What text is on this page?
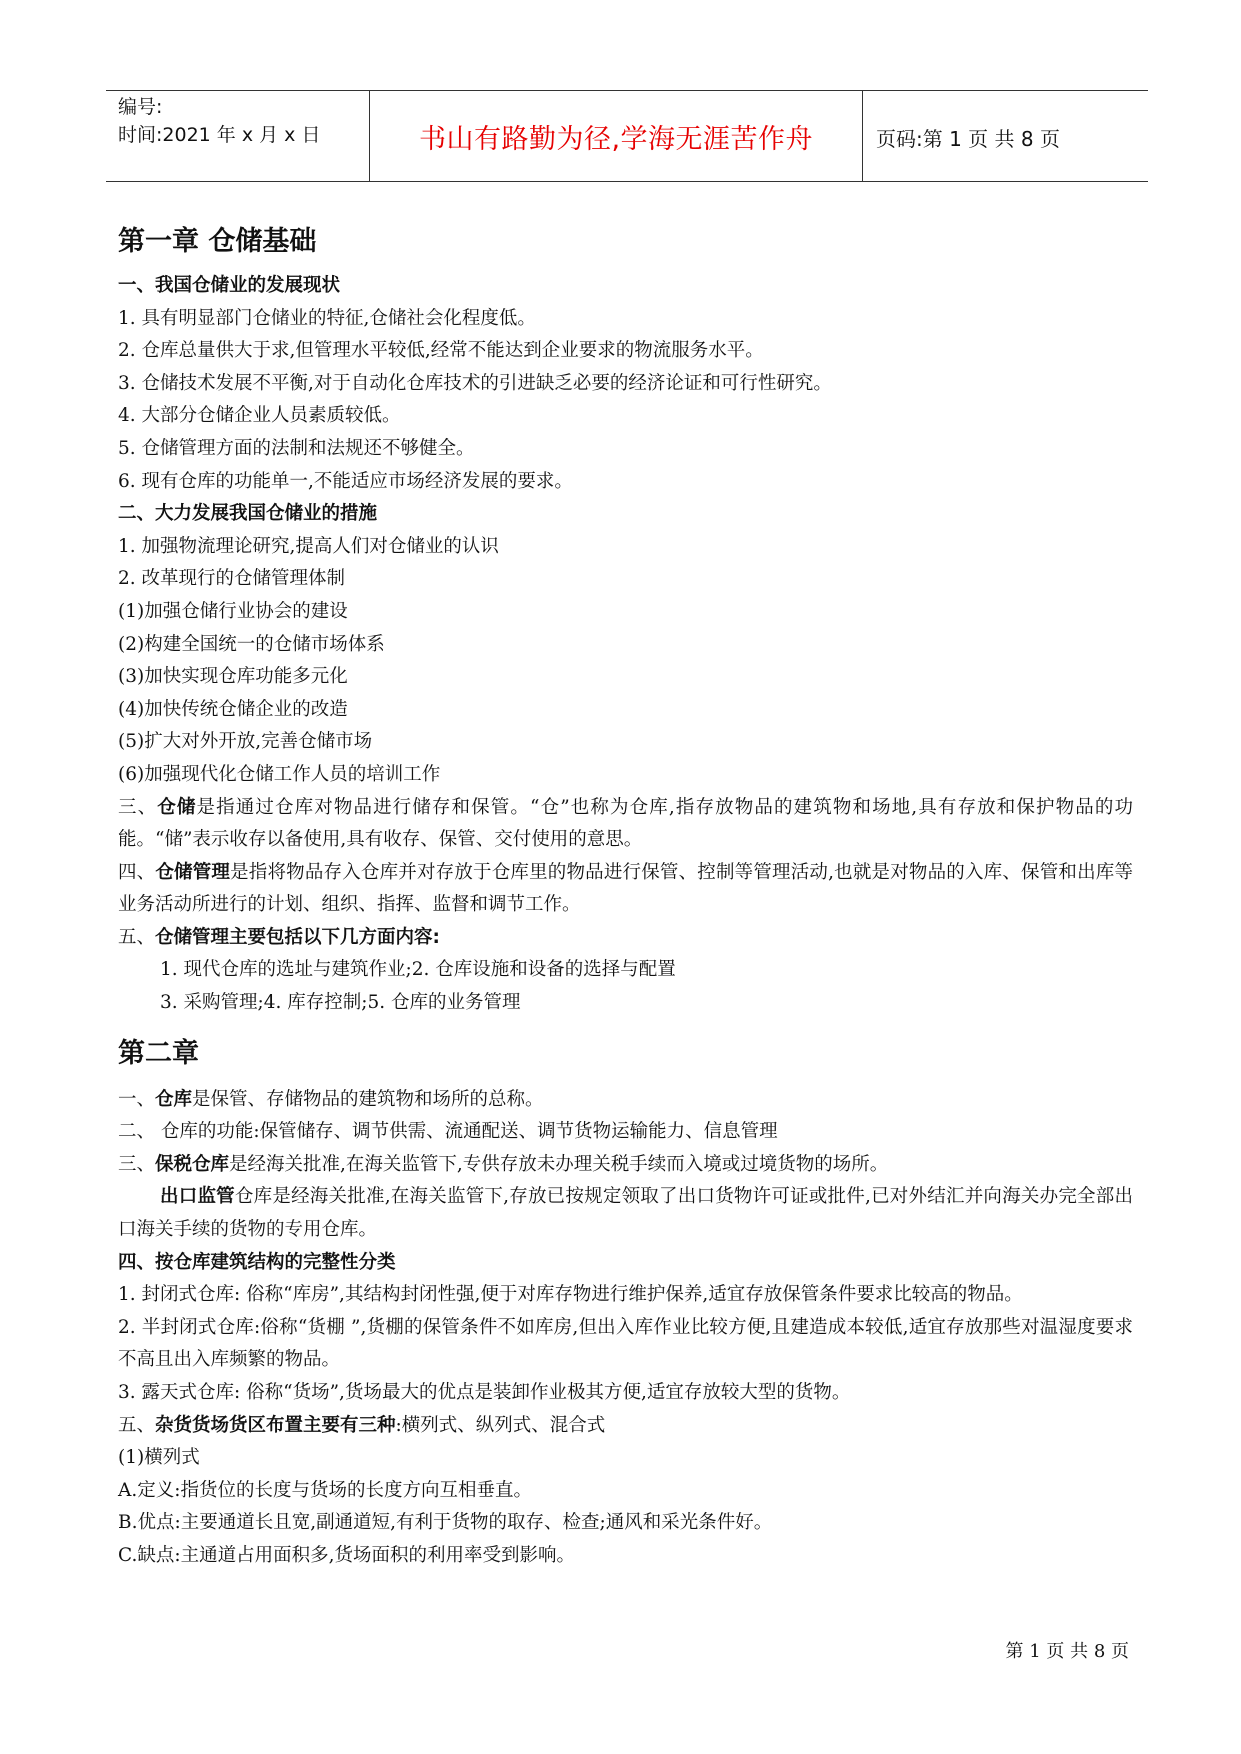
编号:
时间:2021 年 x 月 x 日	书山有路勤为径,学海无涯苦作舟	页码:第 1 页 共 8 页
第一章 仓储基础
一、我国仓储业的发展现状
1. 具有明显部门仓储业的特征,仓储社会化程度低。
2. 仓库总量供大于求,但管理水平较低,经常不能达到企业要求的物流服务水平。
3. 仓储技术发展不平衡,对于自动化仓库技术的引进缺乏必要的经济论证和可行性研究。
4. 大部分仓储企业人员素质较低。
5. 仓储管理方面的法制和法规还不够健全。
6. 现有仓库的功能单一,不能适应市场经济发展的要求。
二、大力发展我国仓储业的措施
1. 加强物流理论研究,提高人们对仓储业的认识
2. 改革现行的仓储管理体制
(1)加强仓储行业协会的建设
(2)构建全国统一的仓储市场体系
(3)加快实现仓库功能多元化
(4)加快传统仓储企业的改造
(5)扩大对外开放,完善仓储市场
(6)加强现代化仓储工作人员的培训工作
三、仓储是指通过仓库对物品进行储存和保管。“仓”也称为仓库,指存放物品的建筑物和场地,具有存放和保护物品的功能。“储”表示收存以备使用,具有收存、保管、交付使用的意思。
四、仓储管理是指将物品存入仓库并对存放于仓库里的物品进行保管、控制等管理活动,也就是对物品的入库、保管和出库等业务活动所进行的计划、组织、指挥、监督和调节工作。
五、仓储管理主要包括以下几方面内容:
1. 现代仓库的选址与建筑作业;2. 仓库设施和设备的选择与配置
3. 采购管理;4. 库存控制;5. 仓库的业务管理
第二章
一、仓库是保管、存储物品的建筑物和场所的总称。
二、 仓库的功能:保管储存、调节供需、流通配送、调节货物运输能力、信息管理
三、保税仓库是经海关批准,在海关监管下,专供存放未办理关税手续而入境或过境货物的场所。
出口监管仓库是经海关批准,在海关监管下,存放已按规定领取了出口货物许可证或批件,已对外结汇并向海关办完全部出口海关手续的货物的专用仓库。
四、按仓库建筑结构的完整性分类
1. 封闭式仓库: 俗称“库房”,其结构封闭性强,便于对库存物进行维护保养,适宜存放保管条件要求比较高的物品。
2. 半封闭式仓库:俗称“货棚 ”,货棚的保管条件不如库房,但出入库作业比较方便,且建造成本较低,适宜存放那些对温湿度要求不高且出入库频繁的物品。
3. 露天式仓库: 俗称“货场”,货场最大的优点是装卸作业极其方便,适宜存放较大型的货物。
五、杂货货场货区布置主要有三种:横列式、纵列式、混合式
(1)横列式
A.定义:指货位的长度与货场的长度方向互相垂直。
B.优点:主要通道长且宽,副通道短,有利于货物的取存、检查;通风和采光条件好。
C.缺点:主通道占用面积多,货场面积的利用率受到影响。
第 1 页 共 8 页
